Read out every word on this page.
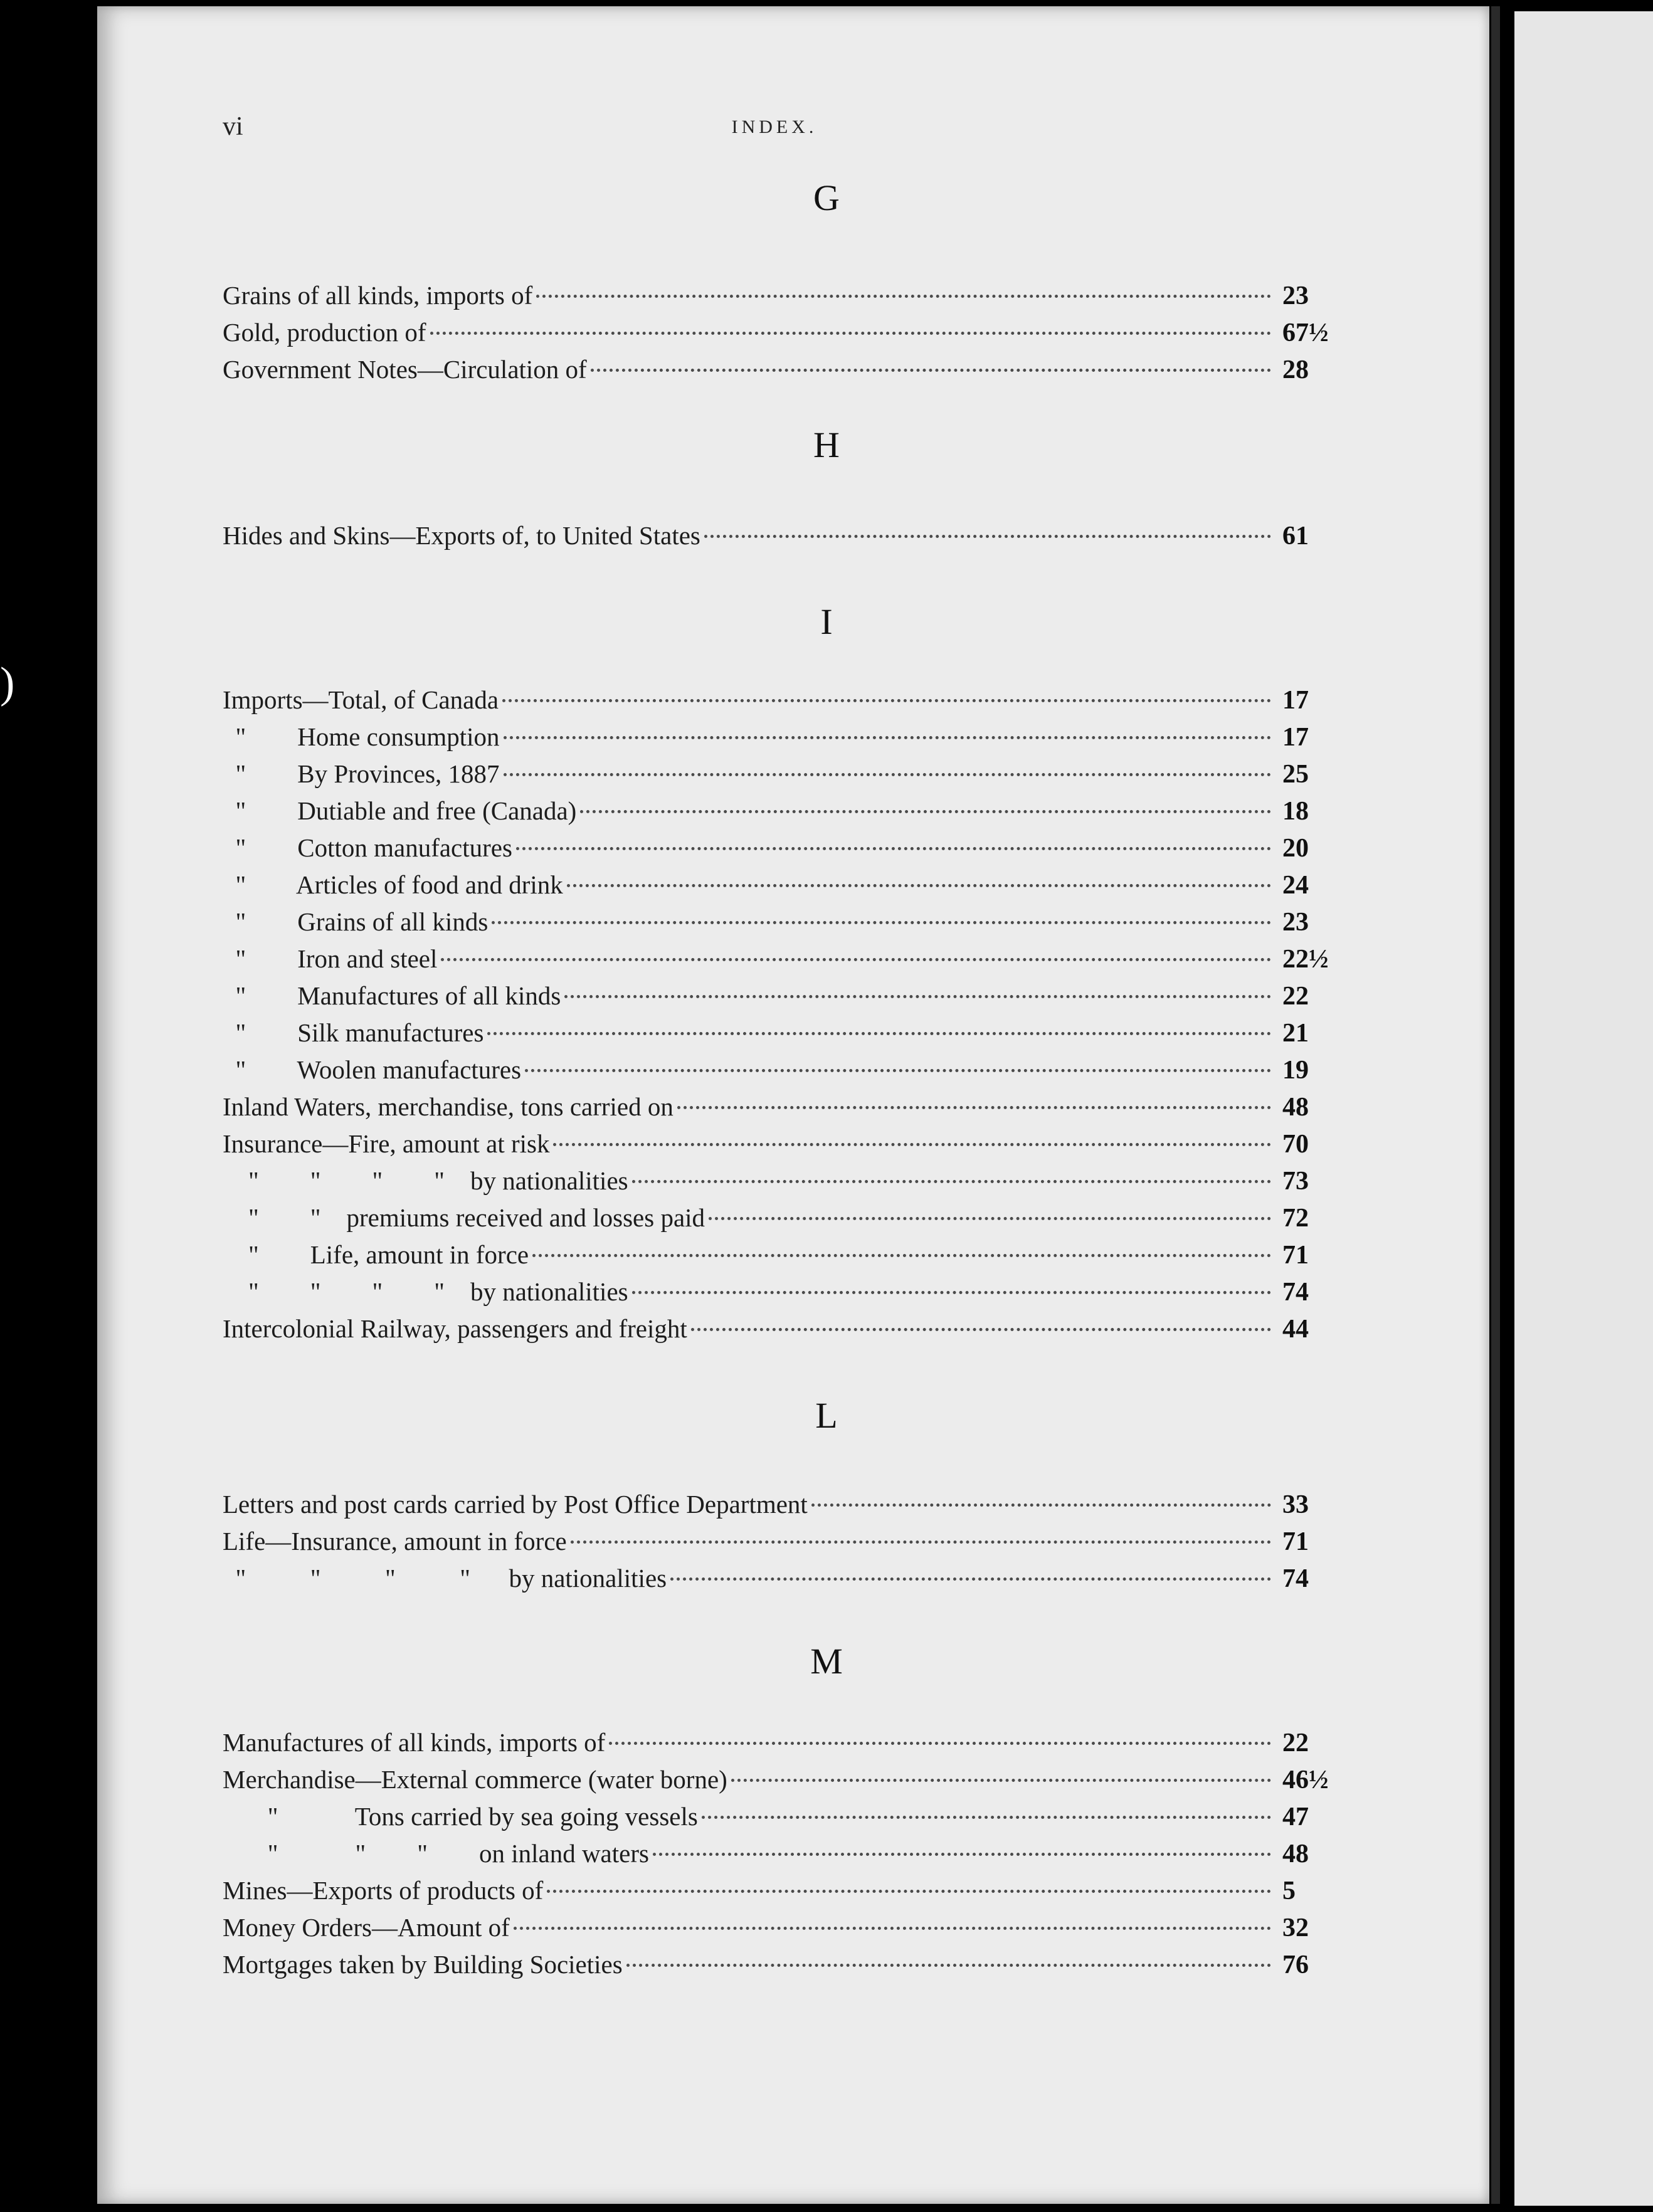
)
vi	INDEX.
G
Grains of all kinds, imports of	23
Gold, production of	67½
Government Notes—Circulation of	28
H
Hides and Skins—Exports of, to United States	61
I
Imports—Total, of Canada	17
"        Home consumption	17
"        By Provinces, 1887	25
"        Dutiable and free (Canada)	18
"        Cotton manufactures	20
"        Articles of food and drink	24
"        Grains of all kinds	23
"        Iron and steel	22½
"        Manufactures of all kinds	22
"        Silk manufactures	21
"        Woolen manufactures	19
Inland Waters, merchandise, tons carried on	48
Insurance—Fire, amount at risk	70
"        "        "        "    by nationalities	73
"        "    premiums received and losses paid	72
"        Life, amount in force	71
"        "        "        "    by nationalities	74
Intercolonial Railway, passengers and freight	44
L
Letters and post cards carried by Post Office Department	33
Life—Insurance, amount in force	71
"          "          "          "      by nationalities	74
M
Manufactures of all kinds, imports of	22
Merchandise—External commerce (water borne)	46½
"            Tons carried by sea going vessels	47
"            "        "        on inland waters	48
Mines—Exports of products of	5
Money Orders—Amount of	32
Mortgages taken by Building Societies	76
